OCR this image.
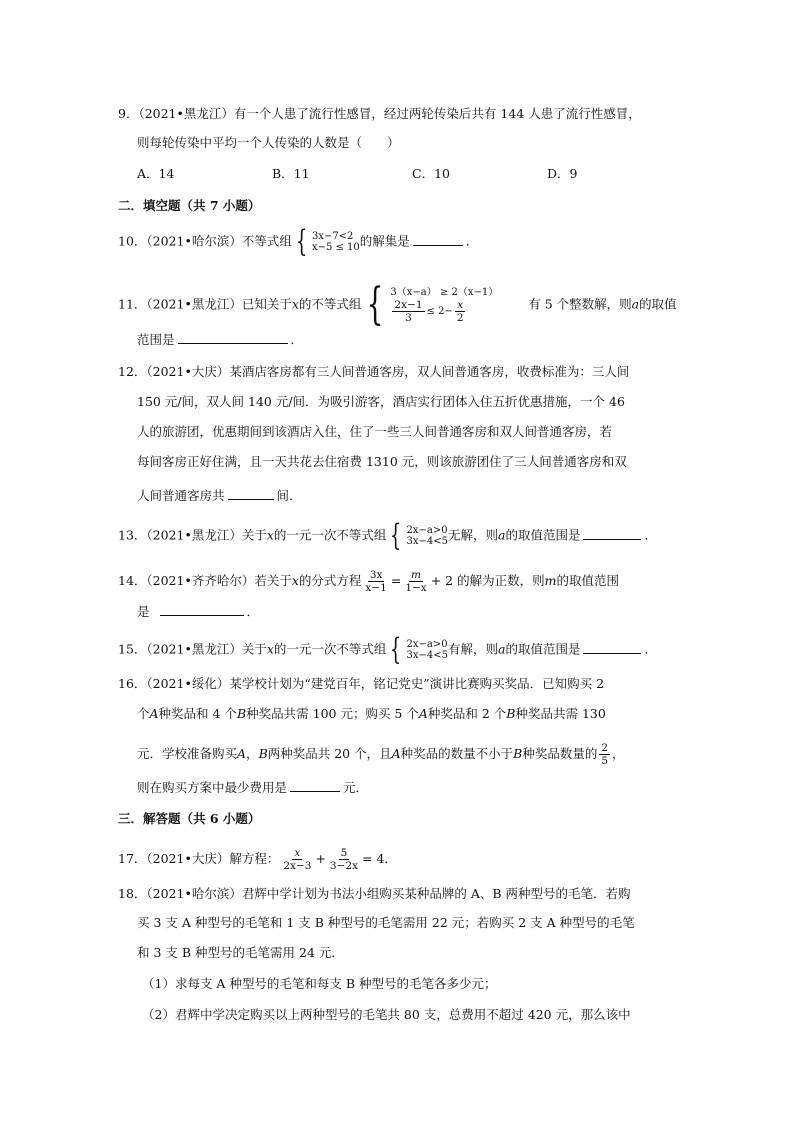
9．（2021•黑龙江）有一个人患了流行性感冒，经过两轮传染后共有 144 人患了流行性感冒，
则每轮传染中平均一个人传染的人数是（　　）
A．14	B．11	C．10	D．9
二．填空题（共 7 小题）
10．（2021•哈尔滨）不等式组 { 3x−7<2
x−5 ≤ 10 的解集是	．
11．（2021•黑龙江）已知关于x的不等式组 { 3（x−a） ≥ 2（x−1）
$\frac{2x-1}{3} \le 2- \frac{x}{2}$	有 5 个整数解，则a的取值
范围是	．
12．（2021•大庆）某酒店客房都有三人间普通客房，双人间普通客房，收费标准为：三人间
150 元/间，双人间 140 元/间．为吸引游客，酒店实行团体入住五折优惠措施，一个 46
人的旅游团，优惠期间到该酒店入住，住了一些三人间普通客房和双人间普通客房，若
每间客房正好住满，且一天共花去住宿费 1310 元，则该旅游团住了三人间普通客房和双
人间普通客房共	间．
13．（2021•黑龙江）关于x的一元一次不等式组 { 2x−a>0
3x−4<5 无解，则a的取值范围是	．
14．（2021•齐齐哈尔）若关于x的分式方程 $\frac{3x}{x-1} = \frac{m}{1-x} + 2$ 的解为正数，则m的取值范围
是	．
15．（2021•黑龙江）关于x的一元一次不等式组 { 2x−a>0
3x−4<5 有解，则a的取值范围是	．
16．（2021•绥化）某学校计划为“建党百年，铭记党史”演讲比赛购买奖品．已知购买 2
个A种奖品和 4 个B种奖品共需 100 元；购买 5 个A种奖品和 2 个B种奖品共需 130
元．学校准备购买A，B两种奖品共 20 个，且A种奖品的数量不小于B种奖品数量的 $\frac{2}{5}$ ，
则在购买方案中最少费用是	元．
三．解答题（共 6 小题）
17．（2021•大庆）解方程： $\frac{x}{2x-3} + \frac{5}{3-2x} = 4$．
18．（2021•哈尔滨）君辉中学计划为书法小组购买某种品牌的 A、B 两种型号的毛笔．若购
买 3 支 A 种型号的毛笔和 1 支 B 种型号的毛笔需用 22 元；若购买 2 支 A 种型号的毛笔
和 3 支 B 种型号的毛笔需用 24 元．
（1）求每支 A 种型号的毛笔和每支 B 种型号的毛笔各多少元；
（2）君辉中学决定购买以上两种型号的毛笔共 80 支，总费用不超过 420 元，那么该中
